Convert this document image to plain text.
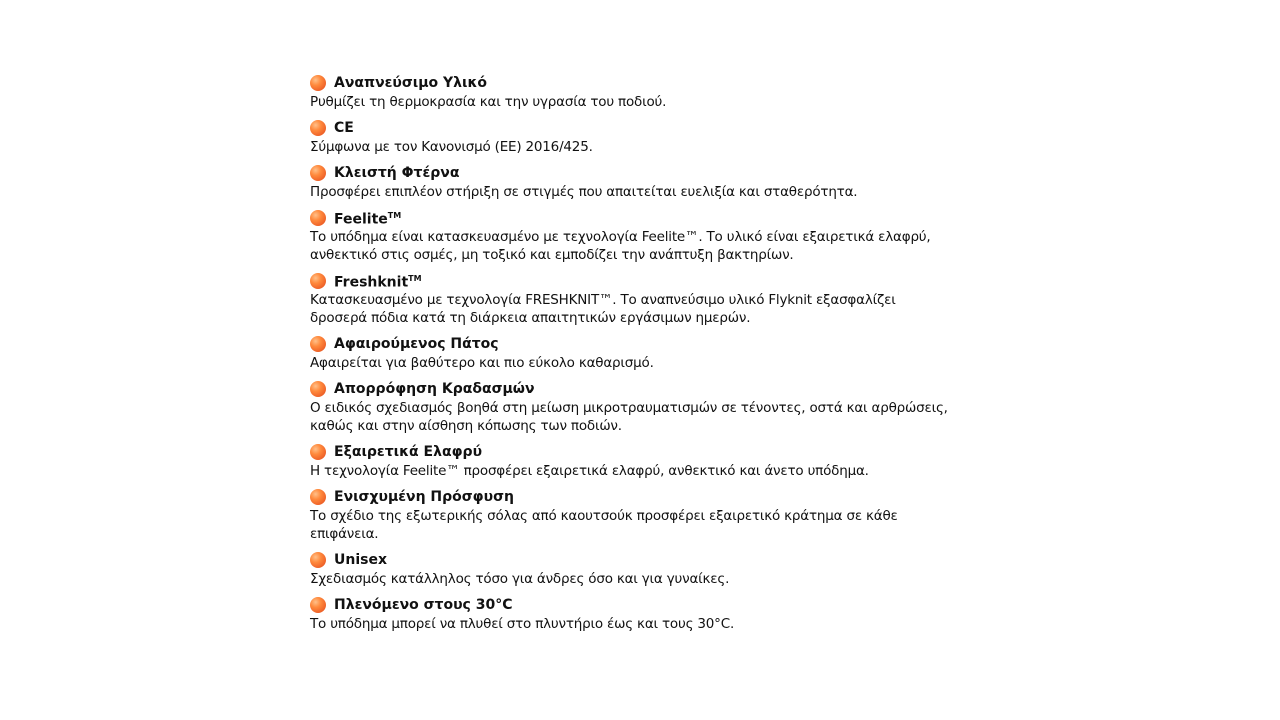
Αναπνεύσιμο Υλικό
Ρυθμίζει τη θερμοκρασία και την υγρασία του ποδιού.
CE
Σύμφωνα με τον Κανονισμό (ΕΕ) 2016/425.
Κλειστή Φτέρνα
Προσφέρει επιπλέον στήριξη σε στιγμές που απαιτείται ευελιξία και σταθερότητα.
Feelite™
Το υπόδημα είναι κατασκευασμένο με τεχνολογία Feelite™. Το υλικό είναι εξαιρετικά ελαφρύ, ανθεκτικό στις οσμές, μη τοξικό και εμποδίζει την ανάπτυξη βακτηρίων.
Freshknit™
Κατασκευασμένο με τεχνολογία FRESHKNIT™. Το αναπνεύσιμο υλικό Flyknit εξασφαλίζει δροσερά πόδια κατά τη διάρκεια απαιτητικών εργάσιμων ημερών.
Αφαιρούμενος Πάτος
Αφαιρείται για βαθύτερο και πιο εύκολο καθαρισμό.
Απορρόφηση Κραδασμών
Ο ειδικός σχεδιασμός βοηθά στη μείωση μικροτραυματισμών σε τένοντες, οστά και αρθρώσεις, καθώς και στην αίσθηση κόπωσης των ποδιών.
Εξαιρετικά Ελαφρύ
Η τεχνολογία Feelite™ προσφέρει εξαιρετικά ελαφρύ, ανθεκτικό και άνετο υπόδημα.
Ενισχυμένη Πρόσφυση
Το σχέδιο της εξωτερικής σόλας από καουτσούκ προσφέρει εξαιρετικό κράτημα σε κάθε επιφάνεια.
Unisex
Σχεδιασμός κατάλληλος τόσο για άνδρες όσο και για γυναίκες.
Πλενόμενο στους 30°C
Το υπόδημα μπορεί να πλυθεί στο πλυντήριο έως και τους 30°C.
